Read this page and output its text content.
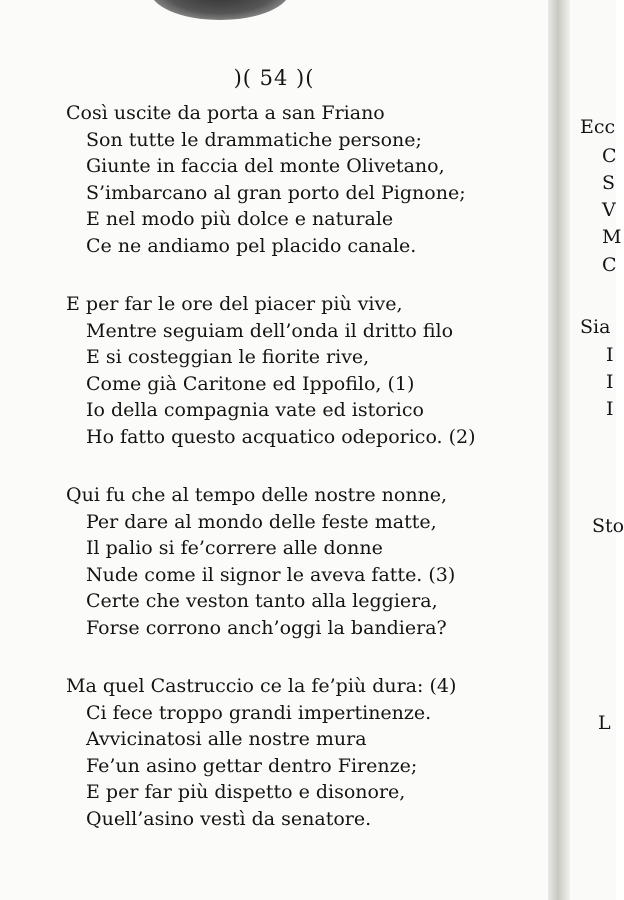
)( 54 )(
Così uscite da porta a san Friano
Son tutte le drammatiche persone;
Giunte in faccia del monte Olivetano,
S’imbarcano al gran porto del Pignone;
E nel modo più dolce e naturale
Ce ne andiamo pel placido canale.
E per far le ore del piacer più vive,
Mentre seguiam dell’onda il dritto filo
E si costeggian le fiorite rive,
Come già Caritone ed Ippofilo, (1)
Io della compagnia vate ed istorico
Ho fatto questo acquatico odeporico. (2)
Qui fu che al tempo delle nostre nonne,
Per dare al mondo delle feste matte,
Il palio si fe’correre alle donne
Nude come il signor le aveva fatte. (3)
Certe che veston tanto alla leggiera,
Forse corrono anch’oggi la bandiera?
Ma quel Castruccio ce la fe’più dura: (4)
Ci fece troppo grandi impertinenze.
Avvicinatosi alle nostre mura
Fe’un asino gettar dentro Firenze;
E per far più dispetto e disonore,
Quell’asino vestì da senatore.
Ecc
C
S
V
M
C
Sia
I
I
I
Sto
L
